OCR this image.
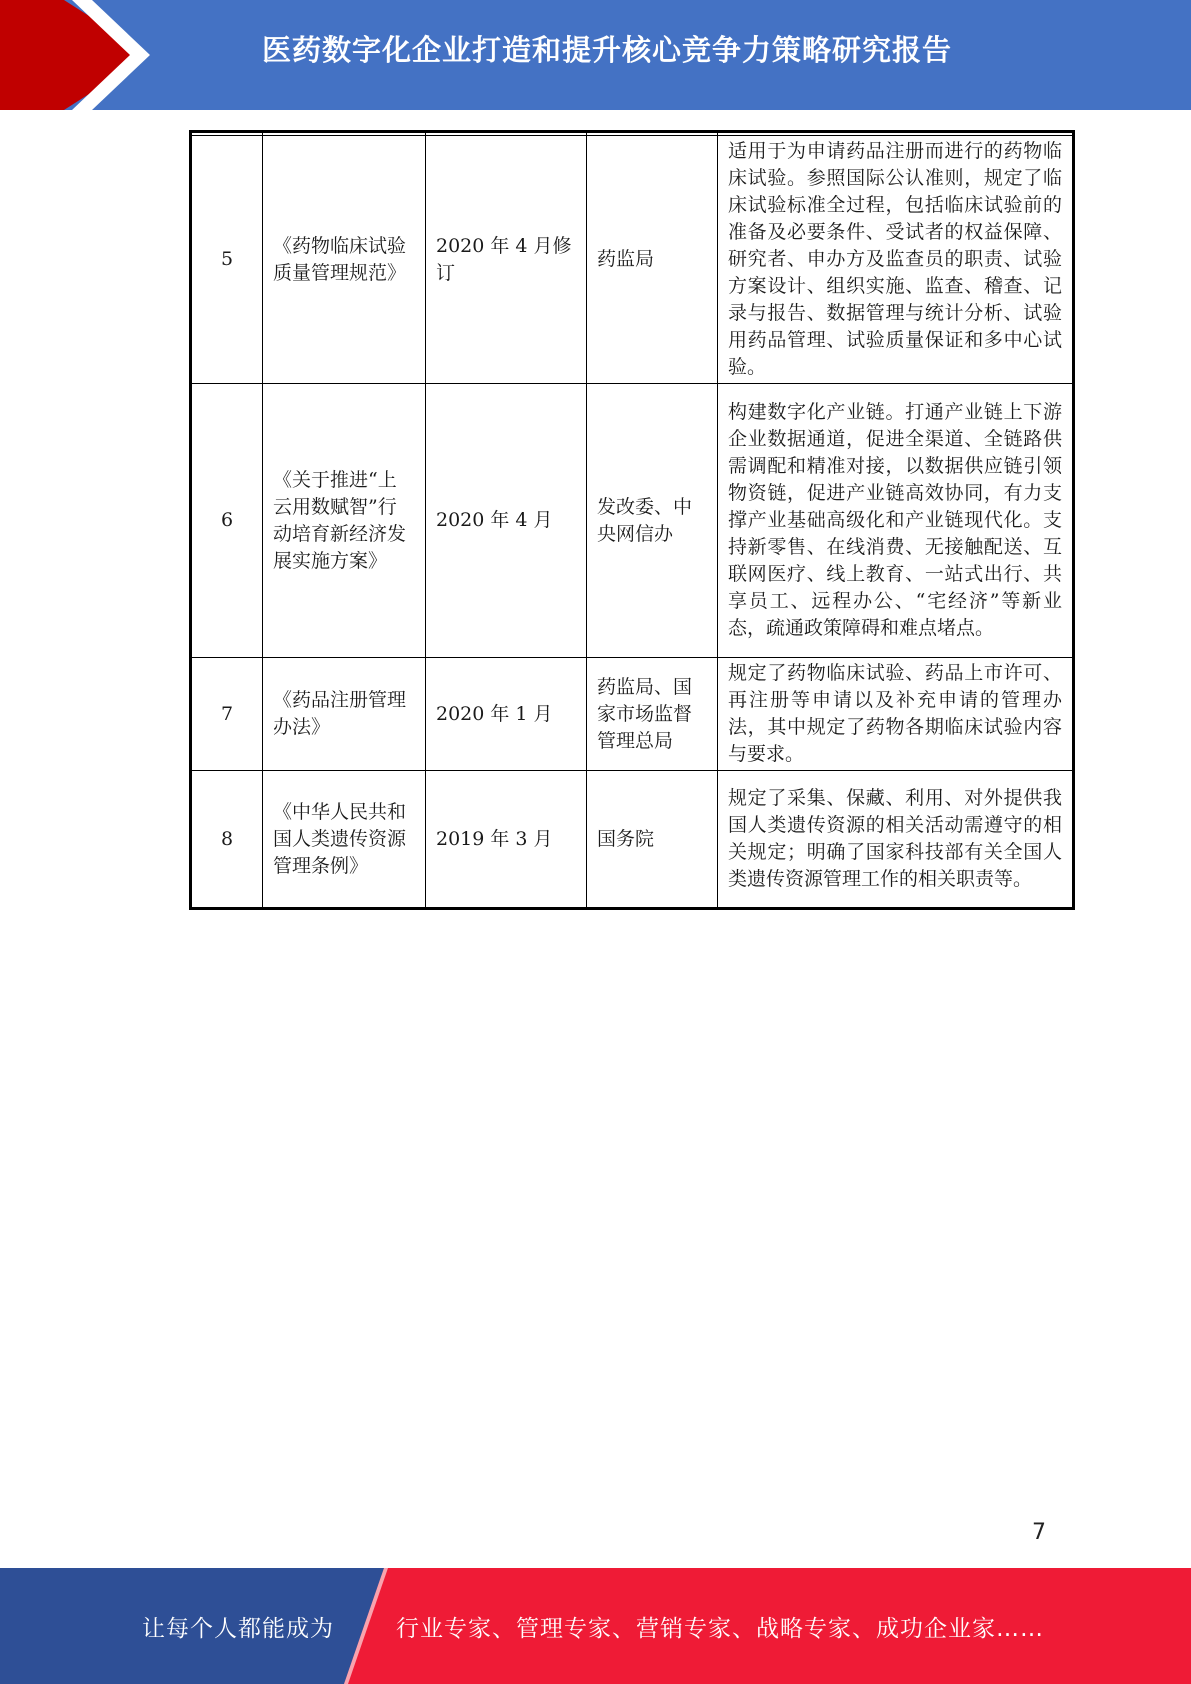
医药数字化企业打造和提升核心竞争力策略研究报告

5	《药物临床试验质量管理规范》	2020 年 4 月修订	药监局	适用于为申请药品注册而进行的药物临床试验。参照国际公认准则，规定了临床试验标准全过程，包括临床试验前的准备及必要条件、受试者的权益保障、研究者、申办方及监查员的职责、试验方案设计、组织实施、监查、稽查、记录与报告、数据管理与统计分析、试验用药品管理、试验质量保证和多中心试验。
6	《关于推进“上云用数赋智”行动培育新经济发展实施方案》	2020 年 4 月	发改委、中央网信办	构建数字化产业链。打通产业链上下游企业数据通道，促进全渠道、全链路供需调配和精准对接，以数据供应链引领物资链，促进产业链高效协同，有力支撑产业基础高级化和产业链现代化。支持新零售、在线消费、无接触配送、互联网医疗、线上教育、一站式出行、共享员工、远程办公、“宅经济”等新业态，疏通政策障碍和难点堵点。
7	《药品注册管理办法》	2020 年 1 月	药监局、国家市场监督管理总局	规定了药物临床试验、药品上市许可、再注册等申请以及补充申请的管理办法，其中规定了药物各期临床试验内容与要求。
8	《中华人民共和国人类遗传资源管理条例》	2019 年 3 月	国务院	规定了采集、保藏、利用、对外提供我国人类遗传资源的相关活动需遵守的相关规定；明确了国家科技部有关全国人类遗传资源管理工作的相关职责等。
7
让每个人都能成为	行业专家、管理专家、营销专家、战略专家、成功企业家……
